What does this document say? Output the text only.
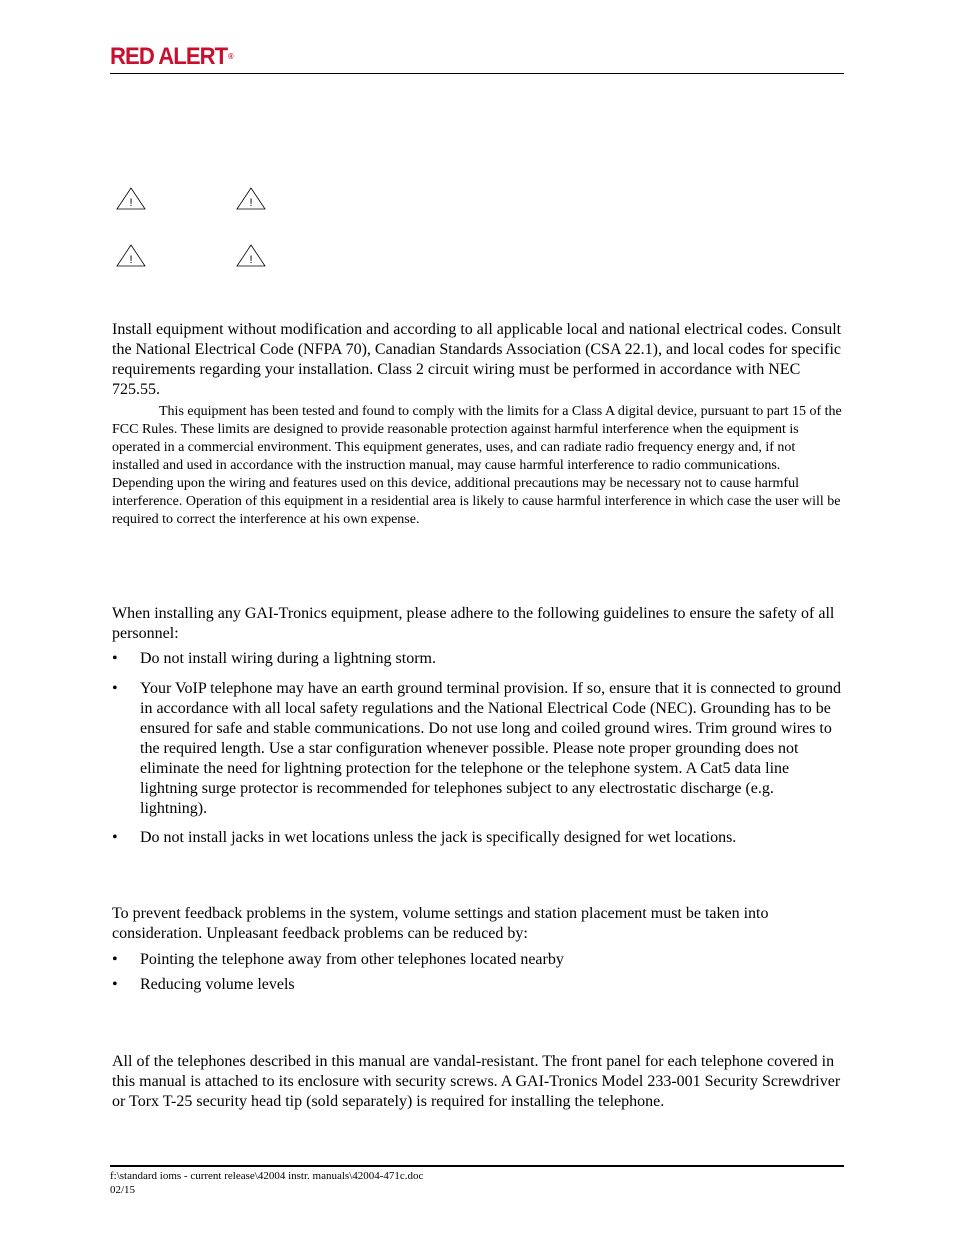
RED ALERT®
!	!
!	!

Install equipment without modification and according to all applicable local and national electrical codes. Consult the National Electrical Code (NFPA 70), Canadian Standards Association (CSA 22.1), and local codes for specific requirements regarding your installation. Class 2 circuit wiring must be performed in accordance with NEC 725.55.

This equipment has been tested and found to comply with the limits for a Class A digital device, pursuant to part 15 of the FCC Rules. These limits are designed to provide reasonable protection against harmful interference when the equipment is operated in a commercial environment. This equipment generates, uses, and can radiate radio frequency energy and, if not installed and used in accordance with the instruction manual, may cause harmful interference to radio communications. Depending upon the wiring and features used on this device, additional precautions may be necessary not to cause harmful interference. Operation of this equipment in a residential area is likely to cause harmful interference in which case the user will be required to correct the interference at his own expense.

When installing any GAI-Tronics equipment, please adhere to the following guidelines to ensure the safety of all personnel:

• Do not install wiring during a lightning storm.
• Your VoIP telephone may have an earth ground terminal provision. If so, ensure that it is connected to ground in accordance with all local safety regulations and the National Electrical Code (NEC). Grounding has to be ensured for safe and stable communications. Do not use long and coiled ground wires. Trim ground wires to the required length. Use a star configuration whenever possible. Please note proper grounding does not eliminate the need for lightning protection for the telephone or the telephone system. A Cat5 data line lightning surge protector is recommended for telephones subject to any electrostatic discharge (e.g. lightning).
• Do not install jacks in wet locations unless the jack is specifically designed for wet locations.

To prevent feedback problems in the system, volume settings and station placement must be taken into consideration. Unpleasant feedback problems can be reduced by:

• Pointing the telephone away from other telephones located nearby
• Reducing volume levels

All of the telephones described in this manual are vandal-resistant. The front panel for each telephone covered in this manual is attached to its enclosure with security screws. A GAI-Tronics Model 233-001 Security Screwdriver or Torx T-25 security head tip (sold separately) is required for installing the telephone.

f:\standard ioms - current release\42004 instr. manuals\42004-471c.doc
02/15
